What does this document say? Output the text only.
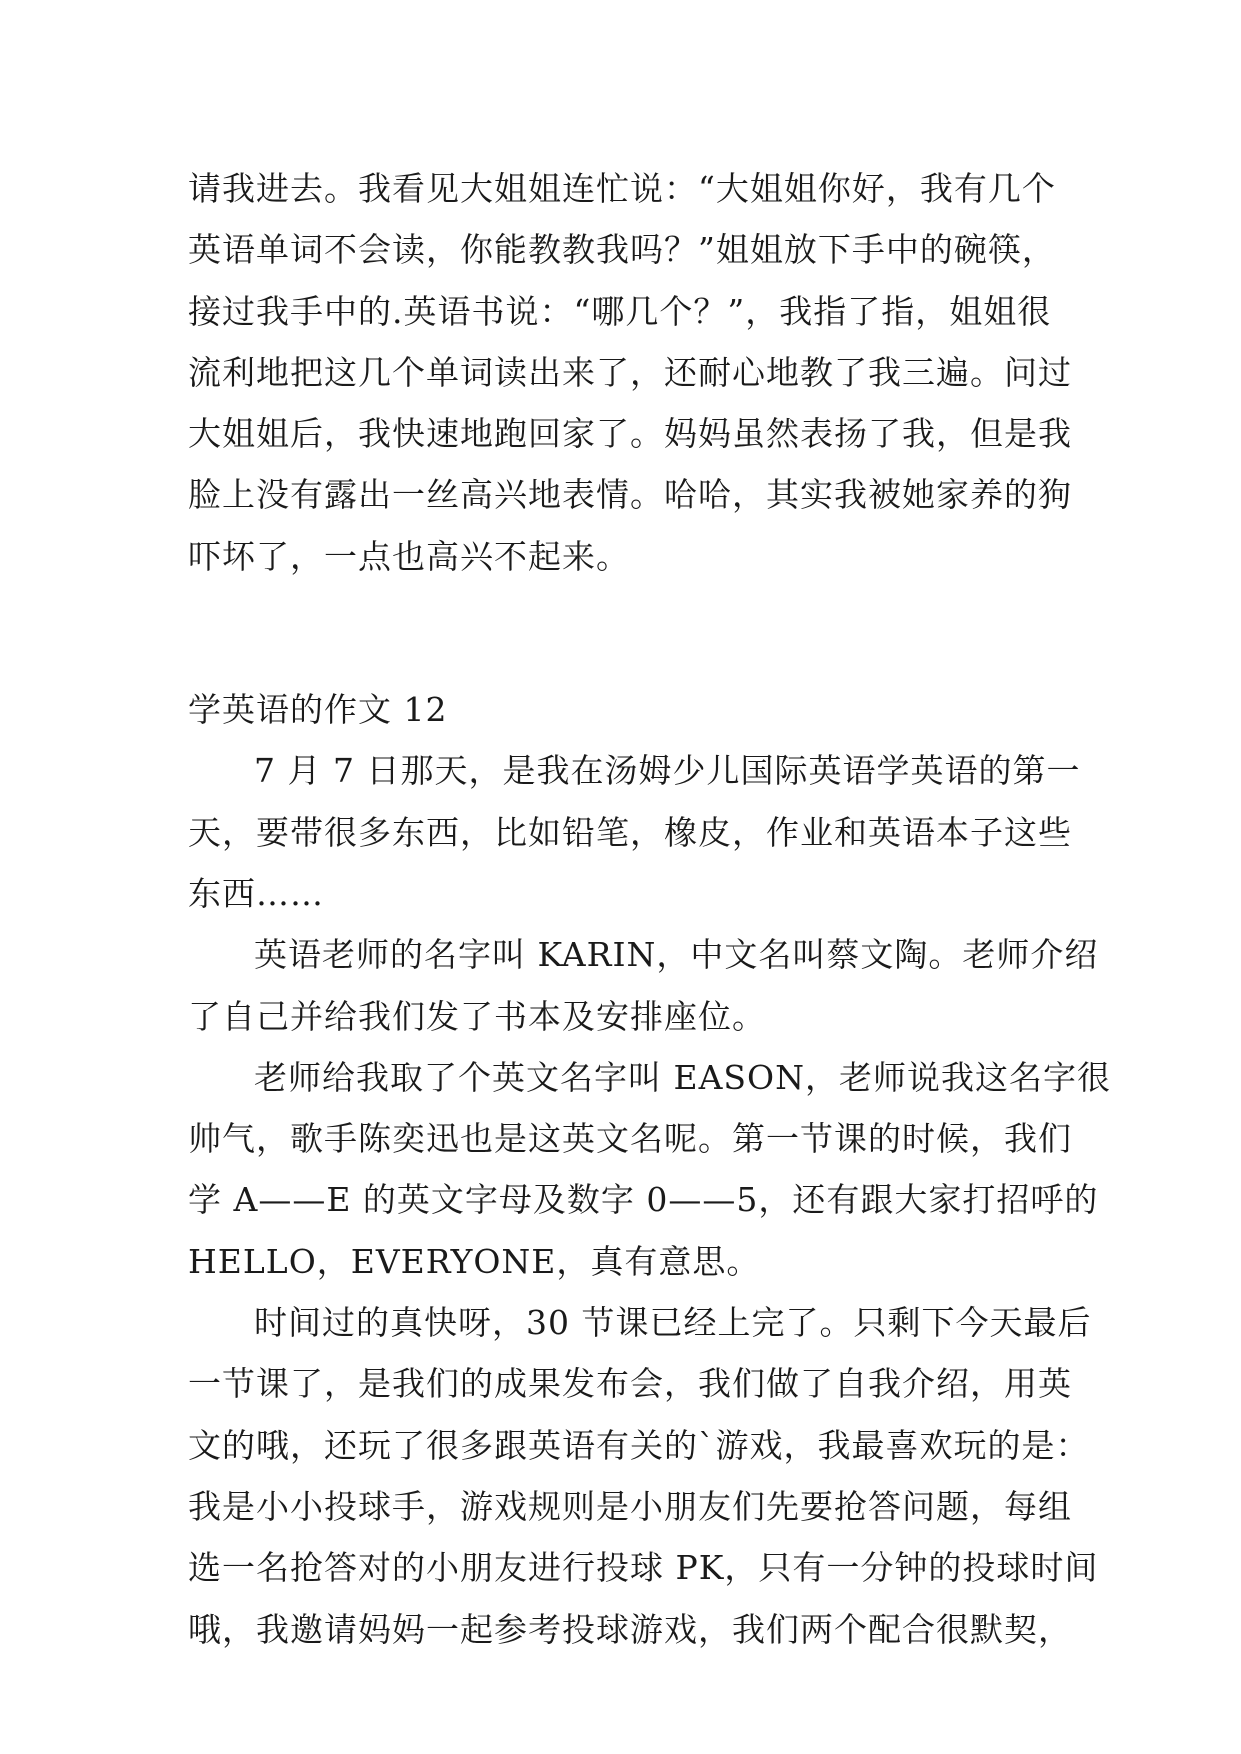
请我进去。我看见大姐姐连忙说：“大姐姐你好，我有几个
英语单词不会读，你能教教我吗？”姐姐放下手中的碗筷，
接过我手中的.英语书说：“哪几个？”，我指了指，姐姐很
流利地把这几个单词读出来了，还耐心地教了我三遍。问过
大姐姐后，我快速地跑回家了。妈妈虽然表扬了我，但是我
脸上没有露出一丝高兴地表情。哈哈，其实我被她家养的狗
吓坏了，一点也高兴不起来。
学英语的作文 12
7 月 7 日那天，是我在汤姆少儿国际英语学英语的第一
天，要带很多东西，比如铅笔，橡皮，作业和英语本子这些
东西……
英语老师的名字叫 KARIN，中文名叫蔡文陶。老师介绍
了自己并给我们发了书本及安排座位。
老师给我取了个英文名字叫 EASON，老师说我这名字很
帅气，歌手陈奕迅也是这英文名呢。第一节课的时候，我们
学 A——E 的英文字母及数字 0——5，还有跟大家打招呼的
HELLO，EVERYONE，真有意思。
时间过的真快呀，30 节课已经上完了。只剩下今天最后
一节课了，是我们的成果发布会，我们做了自我介绍，用英
文的哦，还玩了很多跟英语有关的`游戏，我最喜欢玩的是：
我是小小投球手，游戏规则是小朋友们先要抢答问题，每组
选一名抢答对的小朋友进行投球 PK，只有一分钟的投球时间
哦，我邀请妈妈一起参考投球游戏，我们两个配合很默契，
